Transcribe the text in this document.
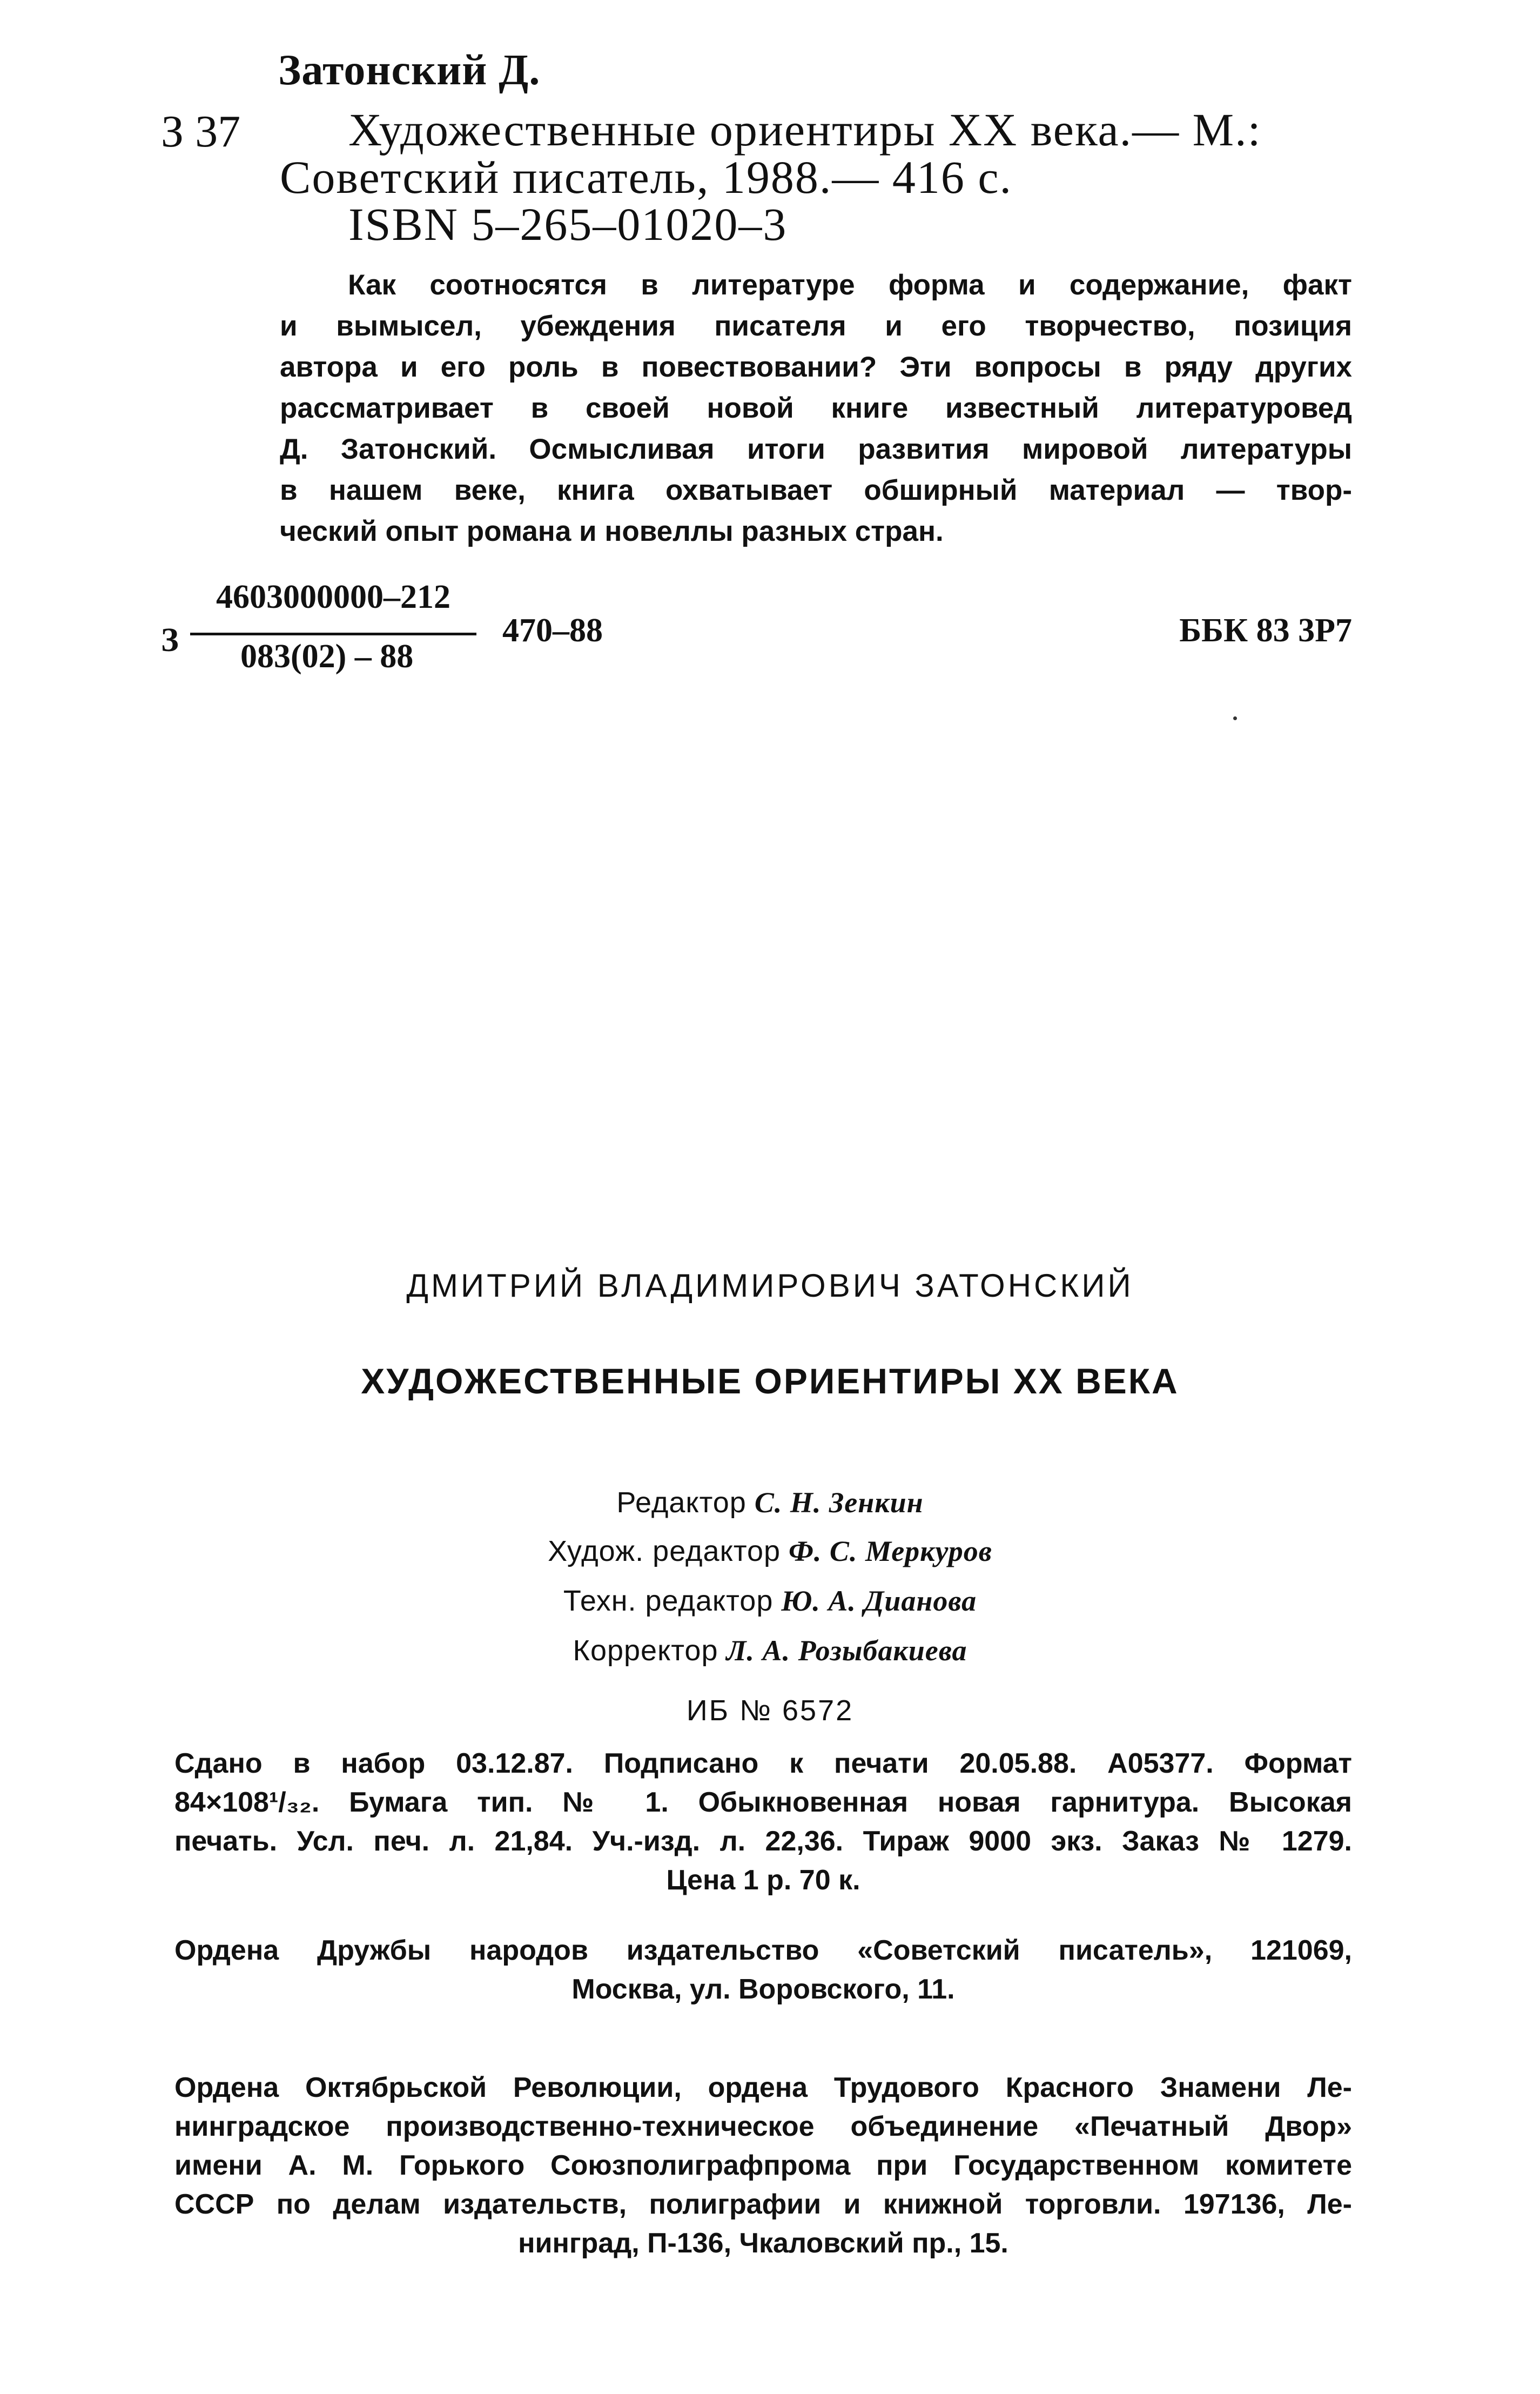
Затонский Д.
З 37 Художественные ориентиры XX века.— М.:
Советский писатель, 1988.— 416 с.
ISBN 5–265–01020–3
Как соотносятся в литературе форма и содержание, факт
и вымысел, убеждения писателя и его творчество, позиция
автора и его роль в повествовании? Эти вопросы в ряду других
рассматривает в своей новой книге известный литературовед
Д. Затонский. Осмысливая итоги развития мировой литературы
в нашем веке, книга охватывает обширный материал — твор-
ческий опыт романа и новеллы разных стран.
З
4603000000–212
083(02) – 88
470–88	ББК 83 3Р7
ДМИТРИЙ ВЛАДИМИРОВИЧ ЗАТОНСКИЙ
ХУДОЖЕСТВЕННЫЕ ОРИЕНТИРЫ XX ВЕКА
Редактор С. Н. Зенкин
Худож. редактор Ф. С. Меркуров
Техн. редактор Ю. А. Дианова
Корректор Л. А. Розыбакиева
ИБ № 6572
Сдано в набор 03.12.87. Подписано к печати 20.05.88. А05377. Формат
84×108¹/₃₂. Бумага тип. № 1. Обыкновенная новая гарнитура. Высокая
печать. Усл. печ. л. 21,84. Уч.-изд. л. 22,36. Тираж 9000 экз. Заказ № 1279.
Цена 1 р. 70 к.
Ордена Дружбы народов издательство «Советский писатель», 121069,
Москва, ул. Воровского, 11.
Ордена Октябрьской Революции, ордена Трудового Красного Знамени Ле-
нинградское производственно-техническое объединение «Печатный Двор»
имени А. М. Горького Союзполиграфпрома при Государственном комитете
СССР по делам издательств, полиграфии и книжной торговли. 197136, Ле-
нинград, П-136, Чкаловский пр., 15.
